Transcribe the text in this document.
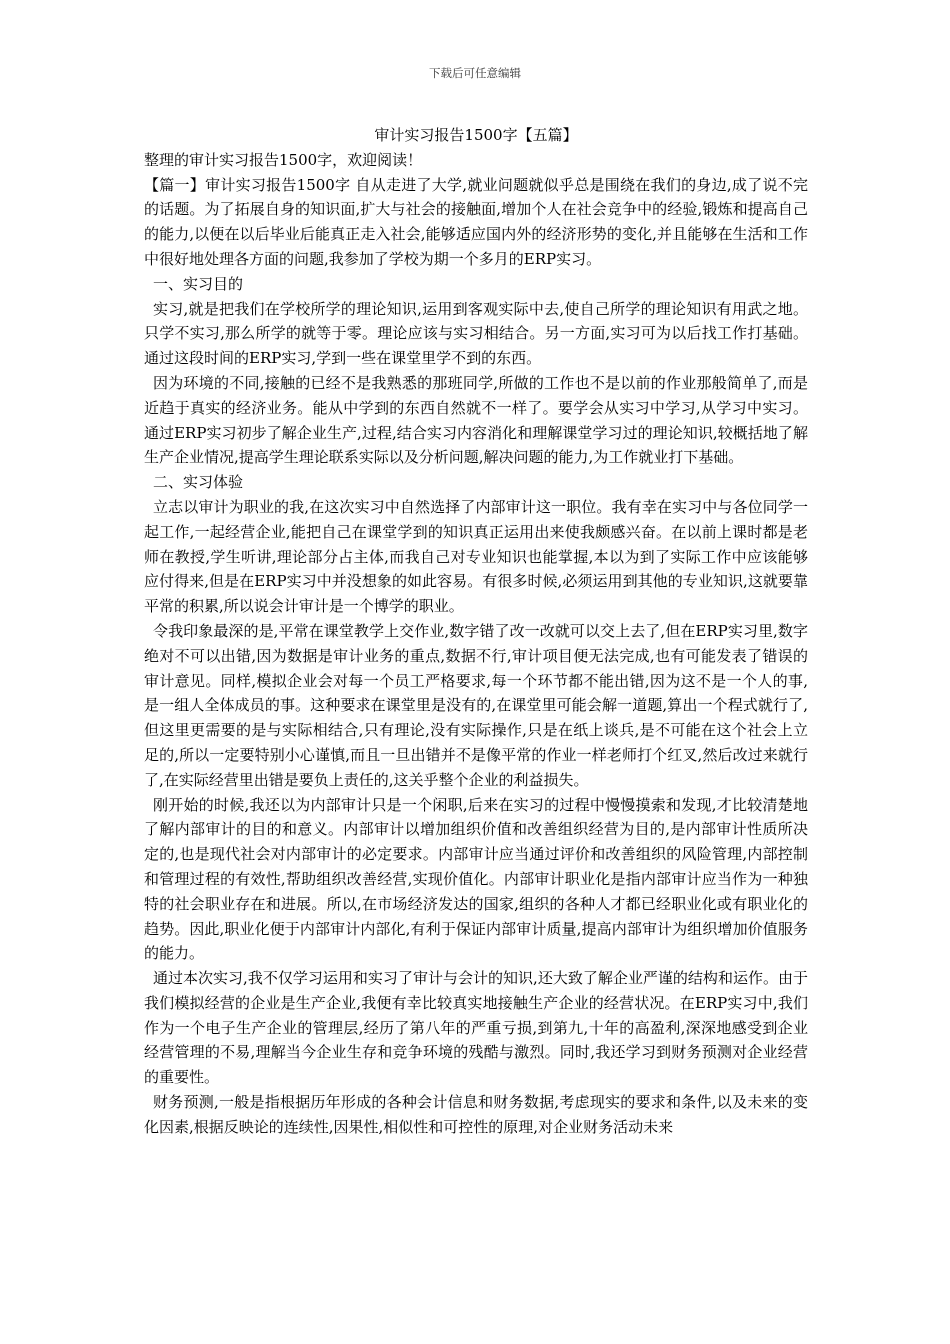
下载后可任意编辑
审计实习报告1500字【五篇】

整理的审计实习报告1500字，欢迎阅读！

【篇一】审计实习报告1500字 自从走进了大学,就业问题就似乎总是围绕在我们的身边,成了说不完的话题。为了拓展自身的知识面,扩大与社会的接触面,增加个人在社会竞争中的经验,锻炼和提高自己的能力,以便在以后毕业后能真正走入社会,能够适应国内外的经济形势的变化,并且能够在生活和工作中很好地处理各方面的问题,我参加了学校为期一个多月的ERP实习。

一、实习目的

实习,就是把我们在学校所学的理论知识,运用到客观实际中去,使自己所学的理论知识有用武之地。只学不实习,那么所学的就等于零。理论应该与实习相结合。另一方面,实习可为以后找工作打基础。通过这段时间的ERP实习,学到一些在课堂里学不到的东西。

因为环境的不同,接触的已经不是我熟悉的那班同学,所做的工作也不是以前的作业那般简单了,而是近趋于真实的经济业务。能从中学到的东西自然就不一样了。要学会从实习中学习,从学习中实习。通过ERP实习初步了解企业生产,过程,结合实习内容消化和理解课堂学习过的理论知识,较概括地了解生产企业情况,提高学生理论联系实际以及分析问题,解决问题的能力,为工作就业打下基础。

二、实习体验

立志以审计为职业的我,在这次实习中自然选择了内部审计这一职位。我有幸在实习中与各位同学一起工作,一起经营企业,能把自己在课堂学到的知识真正运用出来使我颇感兴奋。在以前上课时都是老师在教授,学生听讲,理论部分占主体,而我自己对专业知识也能掌握,本以为到了实际工作中应该能够应付得来,但是在ERP实习中并没想象的如此容易。有很多时候,必须运用到其他的专业知识,这就要靠平常的积累,所以说会计审计是一个博学的职业。

令我印象最深的是,平常在课堂教学上交作业,数字错了改一改就可以交上去了,但在ERP实习里,数字绝对不可以出错,因为数据是审计业务的重点,数据不行,审计项目便无法完成,也有可能发表了错误的审计意见。同样,模拟企业会对每一个员工严格要求,每一个环节都不能出错,因为这不是一个人的事,是一组人全体成员的事。这种要求在课堂里是没有的,在课堂里可能会解一道题,算出一个程式就行了,但这里更需要的是与实际相结合,只有理论,没有实际操作,只是在纸上谈兵,是不可能在这个社会上立足的,所以一定要特别小心谨慎,而且一旦出错并不是像平常的作业一样老师打个红叉,然后改过来就行了,在实际经营里出错是要负上责任的,这关乎整个企业的利益损失。

刚开始的时候,我还以为内部审计只是一个闲职,后来在实习的过程中慢慢摸索和发现,才比较清楚地了解内部审计的目的和意义。内部审计以增加组织价值和改善组织经营为目的,是内部审计性质所决定的,也是现代社会对内部审计的必定要求。内部审计应当通过评价和改善组织的风险管理,内部控制和管理过程的有效性,帮助组织改善经营,实现价值化。内部审计职业化是指内部审计应当作为一种独特的社会职业存在和进展。所以,在市场经济发达的国家,组织的各种人才都已经职业化或有职业化的趋势。因此,职业化便于内部审计内部化,有利于保证内部审计质量,提高内部审计为组织增加价值服务的能力。

通过本次实习,我不仅学习运用和实习了审计与会计的知识,还大致了解企业严谨的结构和运作。由于我们模拟经营的企业是生产企业,我便有幸比较真实地接触生产企业的经营状况。在ERP实习中,我们作为一个电子生产企业的管理层,经历了第八年的严重亏损,到第九,十年的高盈利,深深地感受到企业经营管理的不易,理解当今企业生存和竞争环境的残酷与激烈。同时,我还学习到财务预测对企业经营的重要性。

财务预测,一般是指根据历年形成的各种会计信息和财务数据,考虑现实的要求和条件,以及未来的变化因素,根据反映论的连续性,因果性,相似性和可控性的原理,对企业财务活动未来
